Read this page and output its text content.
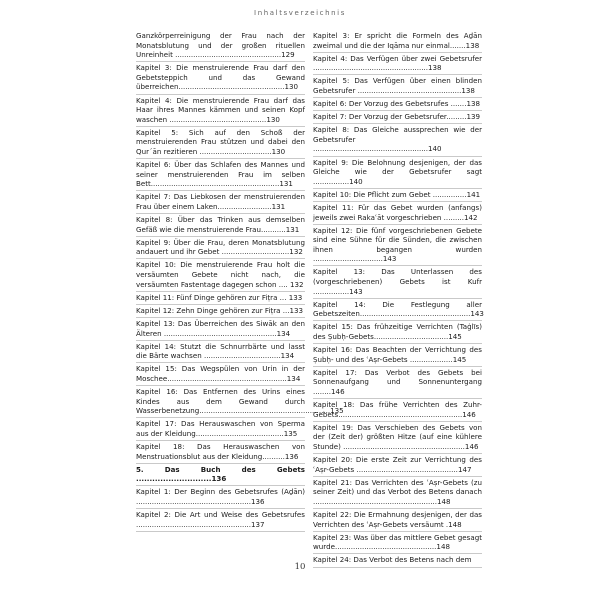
Inhaltsverzeichnis
Ganzkörperreinigung der Frau nach der Monatsblutung und der großen rituellen Unreinheit ...............................................129
Kapitel 3: Die menstruierende Frau darf den Gebetsteppich und das Gewand überreichen...............................................130
Kapitel 4: Die menstruierende Frau darf das Haar ihres Mannes kämmen und seinen Kopf waschen ...........................................130
Kapitel 5: Sich auf den Schoß der menstruierenden Frau stützen und dabei den Qur´ān rezitieren ................................130
Kapitel 6: Über das Schlafen des Mannes und seiner menstruierenden Frau im selben Bett.........................................................131
Kapitel 7: Das Liebkosen der menstruierenden Frau über einem Laken........................131
Kapitel 8: Über das Trinken aus demselben Gefäß wie die menstruierende Frau...........131
Kapitel 9: Über die Frau, deren Monatsblutung andauert und ihr Gebet ..............................132
Kapitel 10: Die menstruierende Frau holt die versäumten Gebete nicht nach, die versäumten Fastentage dagegen schon .... 132
Kapitel 11: Fünf Dinge gehören zur Fiṭra ... 133
Kapitel 12: Zehn Dinge gehören zur Fiṭra ...133
Kapitel 13: Das Überreichen des Siwāk an den Älteren ..................................................134
Kapitel 14: Stutzt die Schnurrbärte und lasst die Bärte wachsen ..................................134
Kapitel 15: Das Wegspülen von Urin in der Moschee.....................................................134
Kapitel 16: Das Entfernen des Urins eines Kindes aus dem Gewand durch Wasserbenetzung..........................................................135
Kapitel 17: Das Herauswaschen von Sperma aus der Kleidung.......................................135
Kapitel 18: Das Herauswaschen von Menstruationsblut aus der Kleidung..........136
5. Das Buch des Gebets ............................136
Kapitel 1: Der Beginn des Gebetsrufes (Aḏān) ...................................................136
Kapitel 2: Die Art und Weise des Gebetsrufes ...................................................137
Kapitel 3: Er spricht die Formeln des Aḏān zweimal und die der Iqāma nur einmal.......138
Kapitel 4: Das Verfügen über zwei Gebetsrufer ...................................................138
Kapitel 5: Das Verfügen über einen blinden Gebetsrufer ..............................................138
Kapitel 6: Der Vorzug des Gebetsrufes .......138
Kapitel 7: Der Vorzug der Gebetsrufer.........139
Kapitel 8: Das Gleiche aussprechen wie der Gebetsrufer ...................................................140
Kapitel 9: Die Belohnung desjenigen, der das Gleiche wie der Gebetsrufer sagt ................140
Kapitel 10: Die Pflicht zum Gebet ...............141
Kapitel 11: Für das Gebet wurden (anfangs) jeweils zwei Rakaʿāt vorgeschrieben .........142
Kapitel 12: Die fünf vorgeschriebenen Gebete sind eine Sühne für die Sünden, die zwischen ihnen begangen wurden ...............................143
Kapitel 13: Das Unterlassen des (vorgeschriebenen) Gebets ist Kufr ................143
Kapitel 14: Die Festlegung aller Gebetszeiten.................................................143
Kapitel 15: Das frühzeitige Verrichten (Taġlīs) des Ṣubḥ-Gebets.................................145
Kapitel 16: Das Beachten der Verrichtung des Ṣubḥ- und des ʿAṣr-Gebets ...................145
Kapitel 17: Das Verbot des Gebets bei Sonnenaufgang und Sonnenuntergang ........146
Kapitel 18: Das frühe Verrichten des Zuhr-Gebets.......................................................146
Kapitel 19: Das Verschieben des Gebets von der (Zeit der) größten Hitze (auf eine kühlere Stunde) ......................................................146
Kapitel 20: Die erste Zeit zur Verrichtung des ʿAṣr-Gebets .............................................147
Kapitel 21: Das Verrichten des ʿAṣr-Gebets (zu seiner Zeit) und das Verbot des Betens danach .......................................................148
Kapitel 22: Die Ermahnung desjenigen, der das Verrichten des ʿAṣr-Gebets versäumt .148
Kapitel 23: Was über das mittlere Gebet gesagt wurde.............................................148
Kapitel 24: Das Verbot des Betens nach dem
10
